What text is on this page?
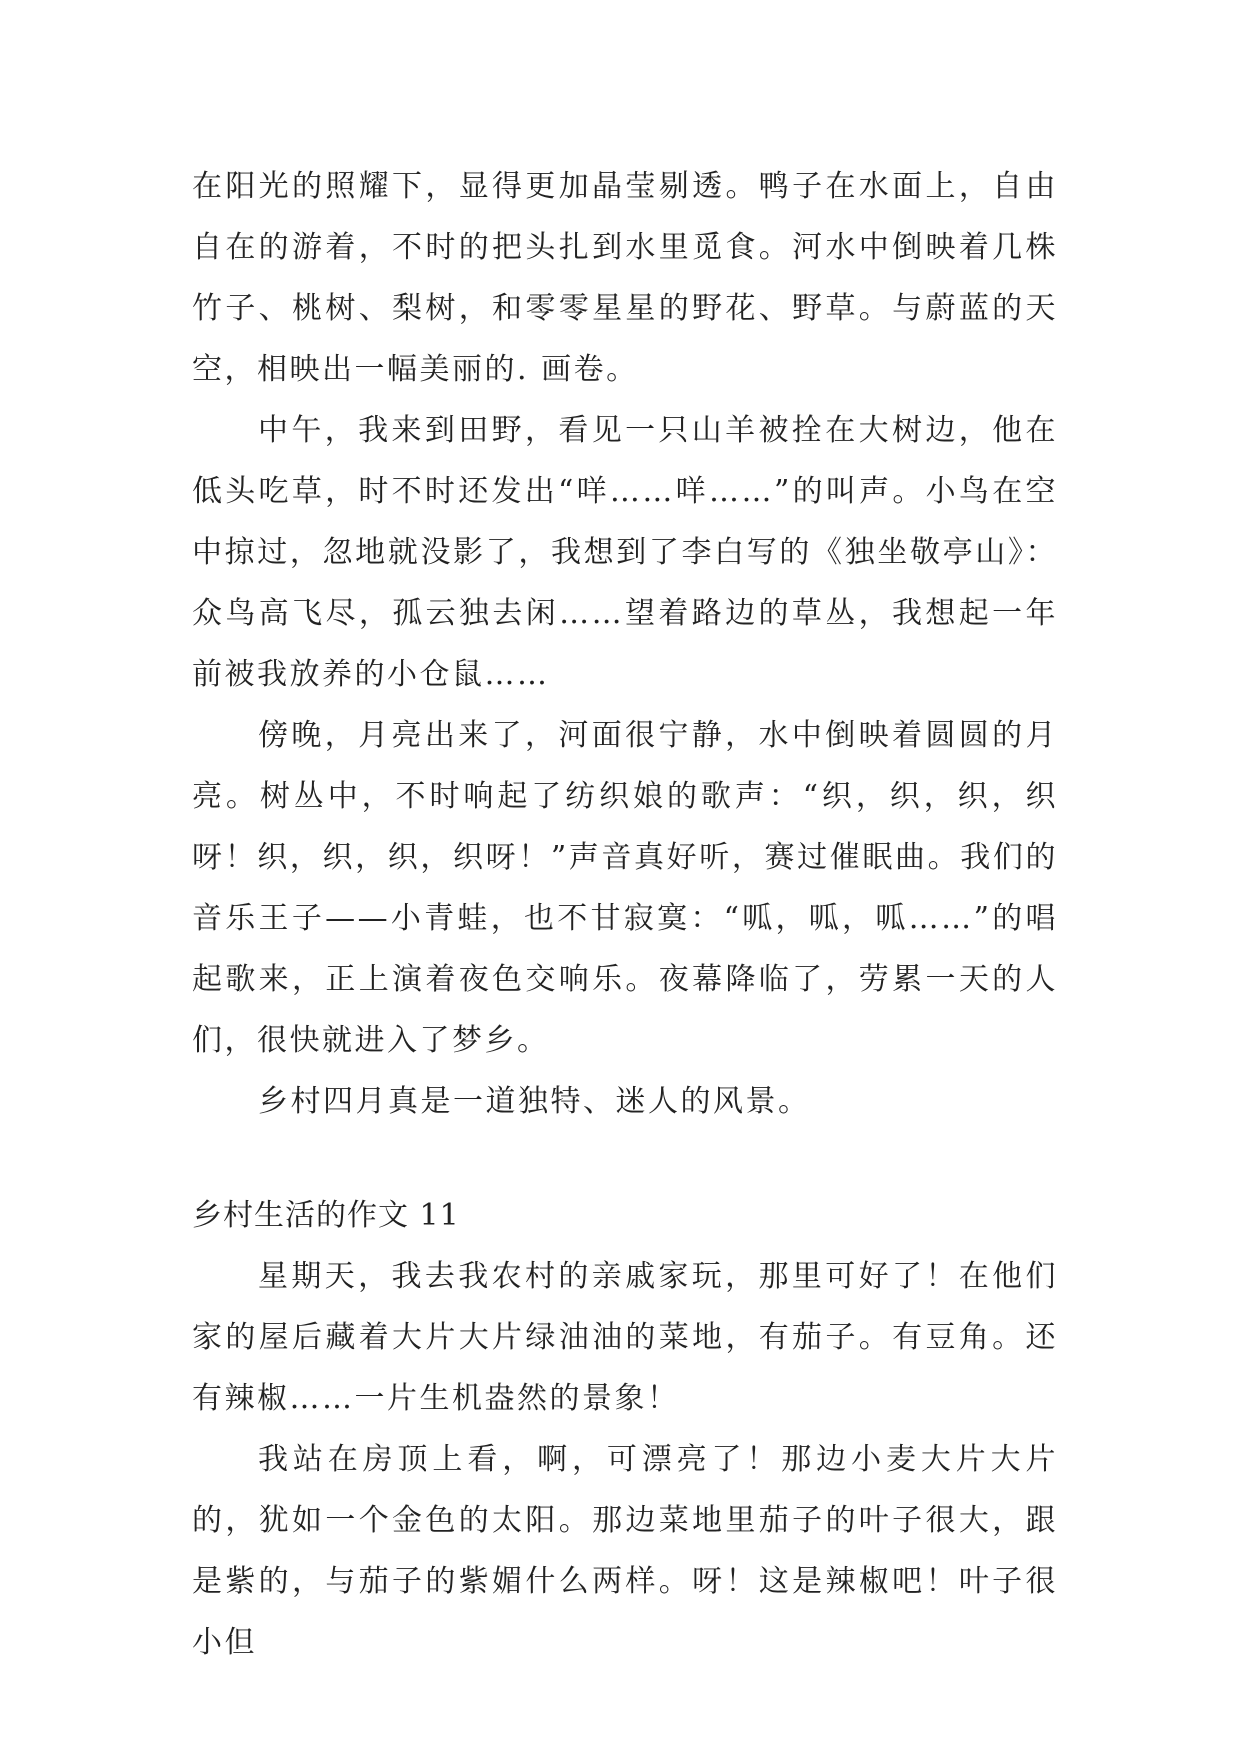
在阳光的照耀下，显得更加晶莹剔透。鸭子在水面上，自由自在的游着，不时的把头扎到水里觅食。河水中倒映着几株竹子、桃树、梨树，和零零星星的野花、野草。与蔚蓝的天空，相映出一幅美丽的. 画卷。

中午，我来到田野，看见一只山羊被拴在大树边，他在低头吃草，时不时还发出“咩……咩……”的叫声。小鸟在空中掠过，忽地就没影了，我想到了李白写的《独坐敬亭山》：众鸟高飞尽，孤云独去闲……望着路边的草丛，我想起一年前被我放养的小仓鼠……

傍晚，月亮出来了，河面很宁静，水中倒映着圆圆的月亮。树丛中，不时响起了纺织娘的歌声：“织，织，织，织呀！织，织，织，织呀！”声音真好听，赛过催眠曲。我们的音乐王子——小青蛙，也不甘寂寞：“呱，呱，呱……”的唱起歌来，正上演着夜色交响乐。夜幕降临了，劳累一天的人们，很快就进入了梦乡。

乡村四月真是一道独特、迷人的风景。

乡村生活的作文 11

星期天，我去我农村的亲戚家玩，那里可好了！在他们家的屋后藏着大片大片绿油油的菜地，有茄子。有豆角。还有辣椒……一片生机盎然的景象！

我站在房顶上看，啊，可漂亮了！那边小麦大片大片的，犹如一个金色的太阳。那边菜地里茄子的叶子很大，跟是紫的，与茄子的紫媚什么两样。呀！这是辣椒吧！叶子很小但
